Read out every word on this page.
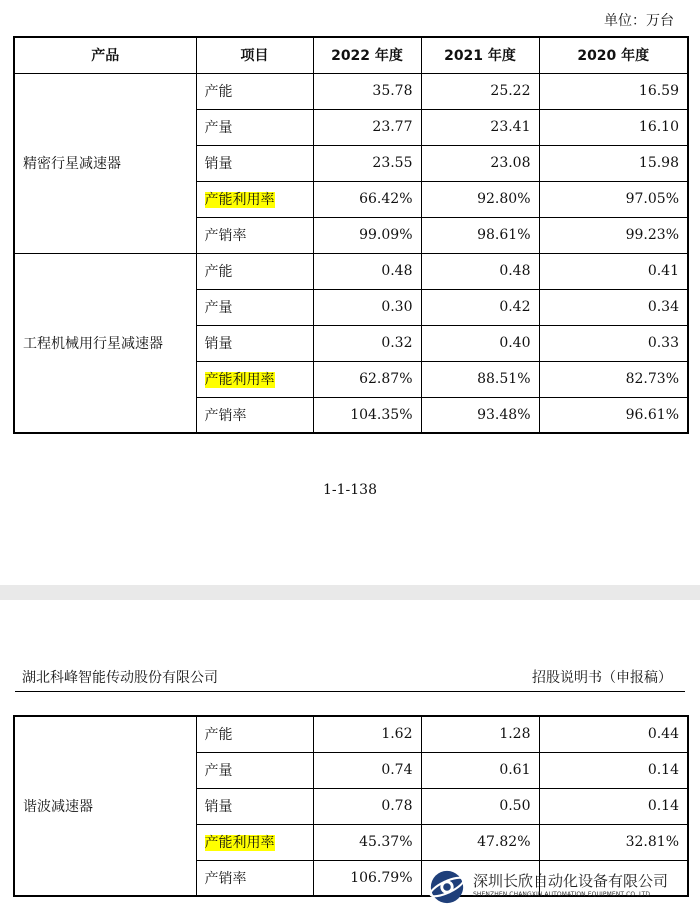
单位：万台
产品	项目	2022 年度	2021 年度	2020 年度
精密行星减速器	产能	35.78	25.22	16.59
	产量	23.77	23.41	16.10
	销量	23.55	23.08	15.98
	产能利用率	66.42%	92.80%	97.05%
	产销率	99.09%	98.61%	99.23%
工程机械用行星减速器	产能	0.48	0.48	0.41
	产量	0.30	0.42	0.34
	销量	0.32	0.40	0.33
	产能利用率	62.87%	88.51%	82.73%
	产销率	104.35%	93.48%	96.61%
1-1-138
湖北科峰智能传动股份有限公司	招股说明书（申报稿）
谐波减速器	产能	1.62	1.28	0.44
	产量	0.74	0.61	0.14
	销量	0.78	0.50	0.14
	产能利用率	45.37%	47.82%	32.81%
	产销率	106.79%			深圳长欣自动化设备有限公司
SHENZHEN CHANGXIN AUTOMATION EQUIPMENT CO.,LTD
